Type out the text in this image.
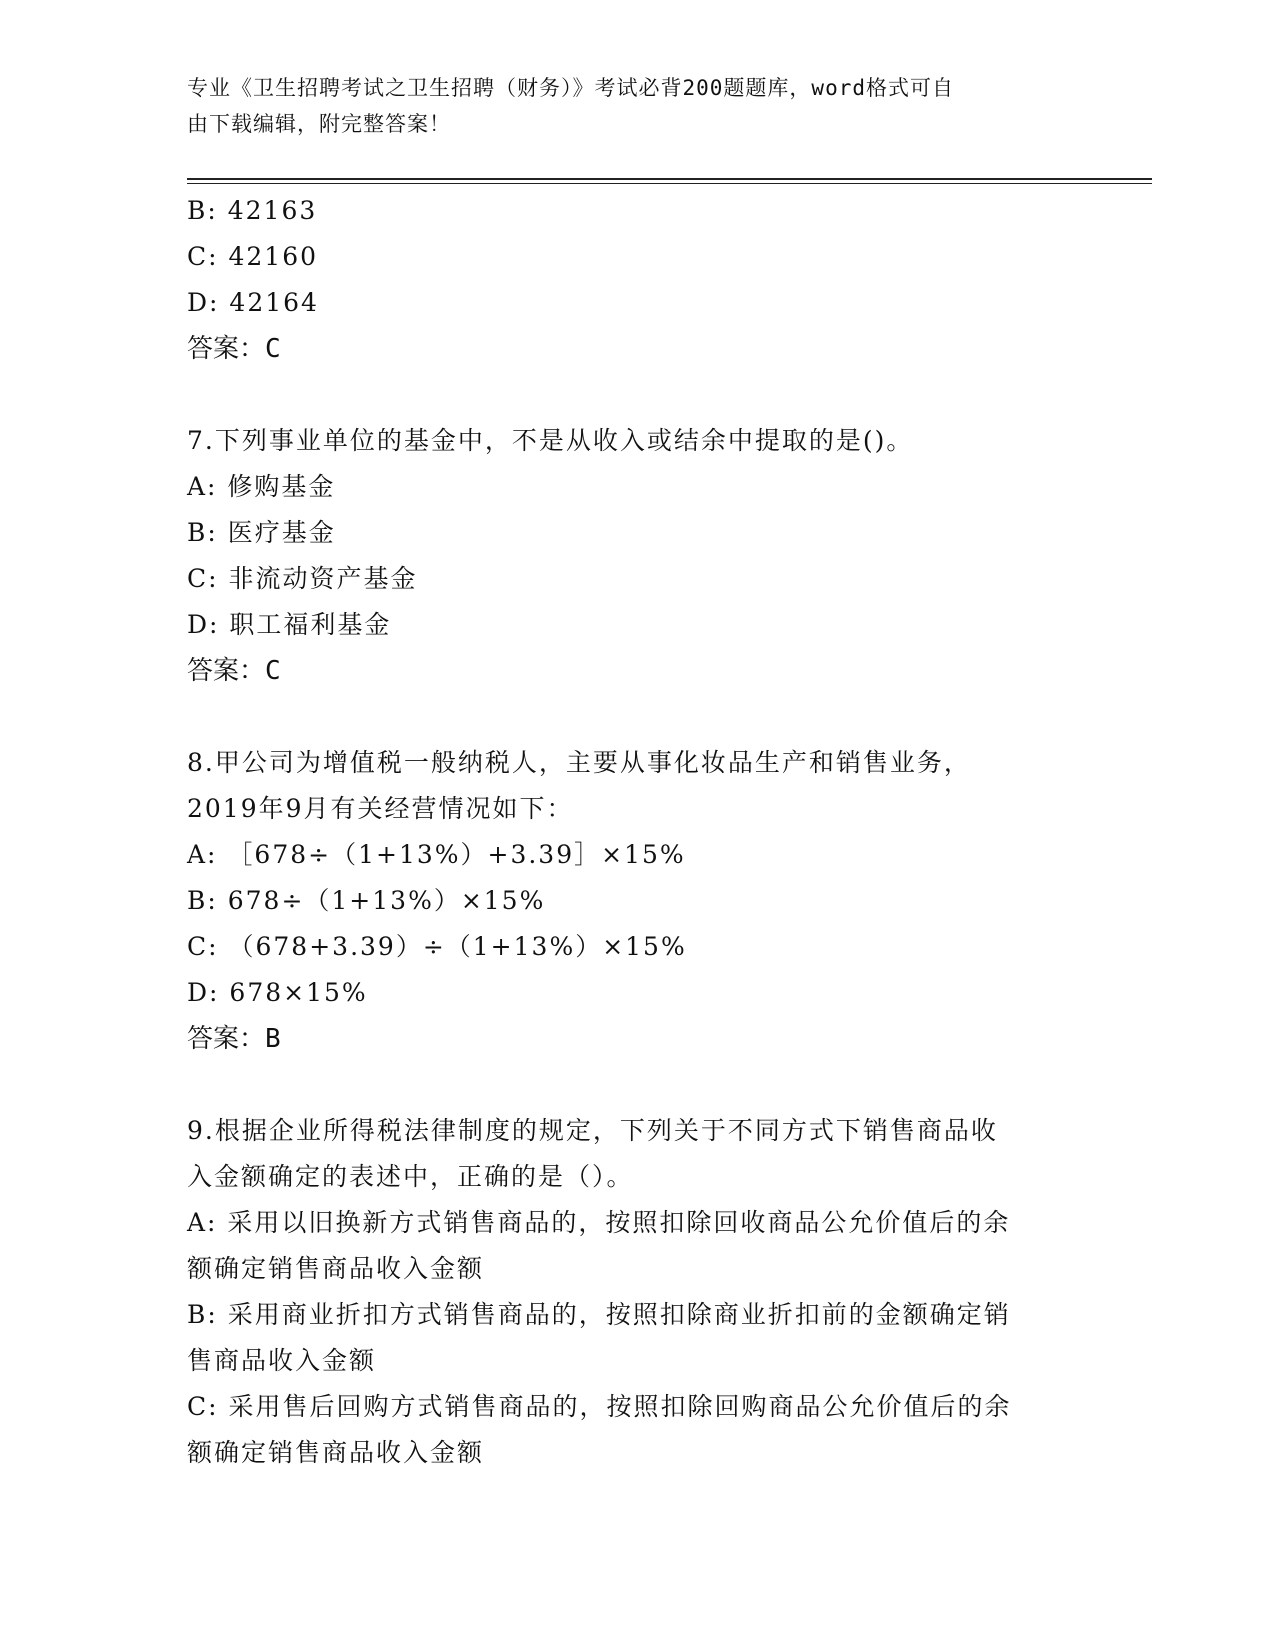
专业《卫生招聘考试之卫生招聘（财务）》考试必背200题题库，word格式可自
由下载编辑，附完整答案！
B: 42163
C: 42160
D: 42164
答案：C
7.下列事业单位的基金中，不是从收入或结余中提取的是()。
A: 修购基金
B: 医疗基金
C: 非流动资产基金
D: 职工福利基金
答案：C
8.甲公司为增值税一般纳税人，主要从事化妆品生产和销售业务，
2019年9月有关经营情况如下：
A: ［678÷（1+13%）+3.39］×15%
B: 678÷（1+13%）×15%
C: （678+3.39）÷（1+13%）×15%
D: 678×15%
答案：B
9.根据企业所得税法律制度的规定，下列关于不同方式下销售商品收
入金额确定的表述中，正确的是（）。
A: 采用以旧换新方式销售商品的，按照扣除回收商品公允价值后的余
额确定销售商品收入金额
B: 采用商业折扣方式销售商品的，按照扣除商业折扣前的金额确定销
售商品收入金额
C: 采用售后回购方式销售商品的，按照扣除回购商品公允价值后的余
额确定销售商品收入金额
